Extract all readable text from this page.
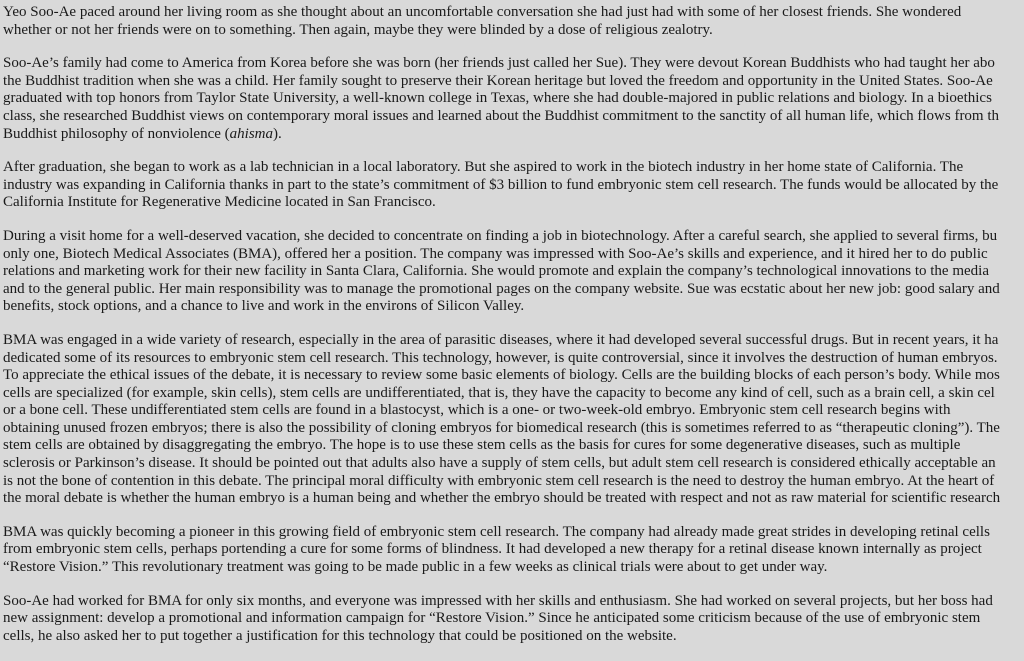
Yeo Soo-Ae paced around her living room as she thought about an uncomfortable conversation she had just had with some of her closest friends. She wondered
whether or not her friends were on to something. Then again, maybe they were blinded by a dose of religious zealotry.

Soo-Ae’s family had come to America from Korea before she was born (her friends just called her Sue). They were devout Korean Buddhists who had taught her abo
the Buddhist tradition when she was a child. Her family sought to preserve their Korean heritage but loved the freedom and opportunity in the United States. Soo-Ae
graduated with top honors from Taylor State University, a well-known college in Texas, where she had double-majored in public relations and biology. In a bioethics
class, she researched Buddhist views on contemporary moral issues and learned about the Buddhist commitment to the sanctity of all human life, which flows from th
Buddhist philosophy of nonviolence (ahisma).

After graduation, she began to work as a lab technician in a local laboratory. But she aspired to work in the biotech industry in her home state of California. The
industry was expanding in California thanks in part to the state’s commitment of $3 billion to fund embryonic stem cell research. The funds would be allocated by the
California Institute for Regenerative Medicine located in San Francisco.

During a visit home for a well-deserved vacation, she decided to concentrate on finding a job in biotechnology. After a careful search, she applied to several firms, bu
only one, Biotech Medical Associates (BMA), offered her a position. The company was impressed with Soo-Ae’s skills and experience, and it hired her to do public
relations and marketing work for their new facility in Santa Clara, California. She would promote and explain the company’s technological innovations to the media
and to the general public. Her main responsibility was to manage the promotional pages on the company website. Sue was ecstatic about her new job: good salary and
benefits, stock options, and a chance to live and work in the environs of Silicon Valley.

BMA was engaged in a wide variety of research, especially in the area of parasitic diseases, where it had developed several successful drugs. But in recent years, it ha
dedicated some of its resources to embryonic stem cell research. This technology, however, is quite controversial, since it involves the destruction of human embryos.
To appreciate the ethical issues of the debate, it is necessary to review some basic elements of biology. Cells are the building blocks of each person’s body. While mos
cells are specialized (for example, skin cells), stem cells are undifferentiated, that is, they have the capacity to become any kind of cell, such as a brain cell, a skin cel
or a bone cell. These undifferentiated stem cells are found in a blastocyst, which is a one- or two-week-old embryo. Embryonic stem cell research begins with
obtaining unused frozen embryos; there is also the possibility of cloning embryos for biomedical research (this is sometimes referred to as “therapeutic cloning”). The
stem cells are obtained by disaggregating the embryo. The hope is to use these stem cells as the basis for cures for some degenerative diseases, such as multiple
sclerosis or Parkinson’s disease. It should be pointed out that adults also have a supply of stem cells, but adult stem cell research is considered ethically acceptable an
is not the bone of contention in this debate. The principal moral difficulty with embryonic stem cell research is the need to destroy the human embryo. At the heart of
the moral debate is whether the human embryo is a human being and whether the embryo should be treated with respect and not as raw material for scientific research

BMA was quickly becoming a pioneer in this growing field of embryonic stem cell research. The company had already made great strides in developing retinal cells
from embryonic stem cells, perhaps portending a cure for some forms of blindness. It had developed a new therapy for a retinal disease known internally as project
“Restore Vision.” This revolutionary treatment was going to be made public in a few weeks as clinical trials were about to get under way.

Soo-Ae had worked for BMA for only six months, and everyone was impressed with her skills and enthusiasm. She had worked on several projects, but her boss had
new assignment: develop a promotional and information campaign for “Restore Vision.” Since he anticipated some criticism because of the use of embryonic stem
cells, he also asked her to put together a justification for this technology that could be positioned on the website.
